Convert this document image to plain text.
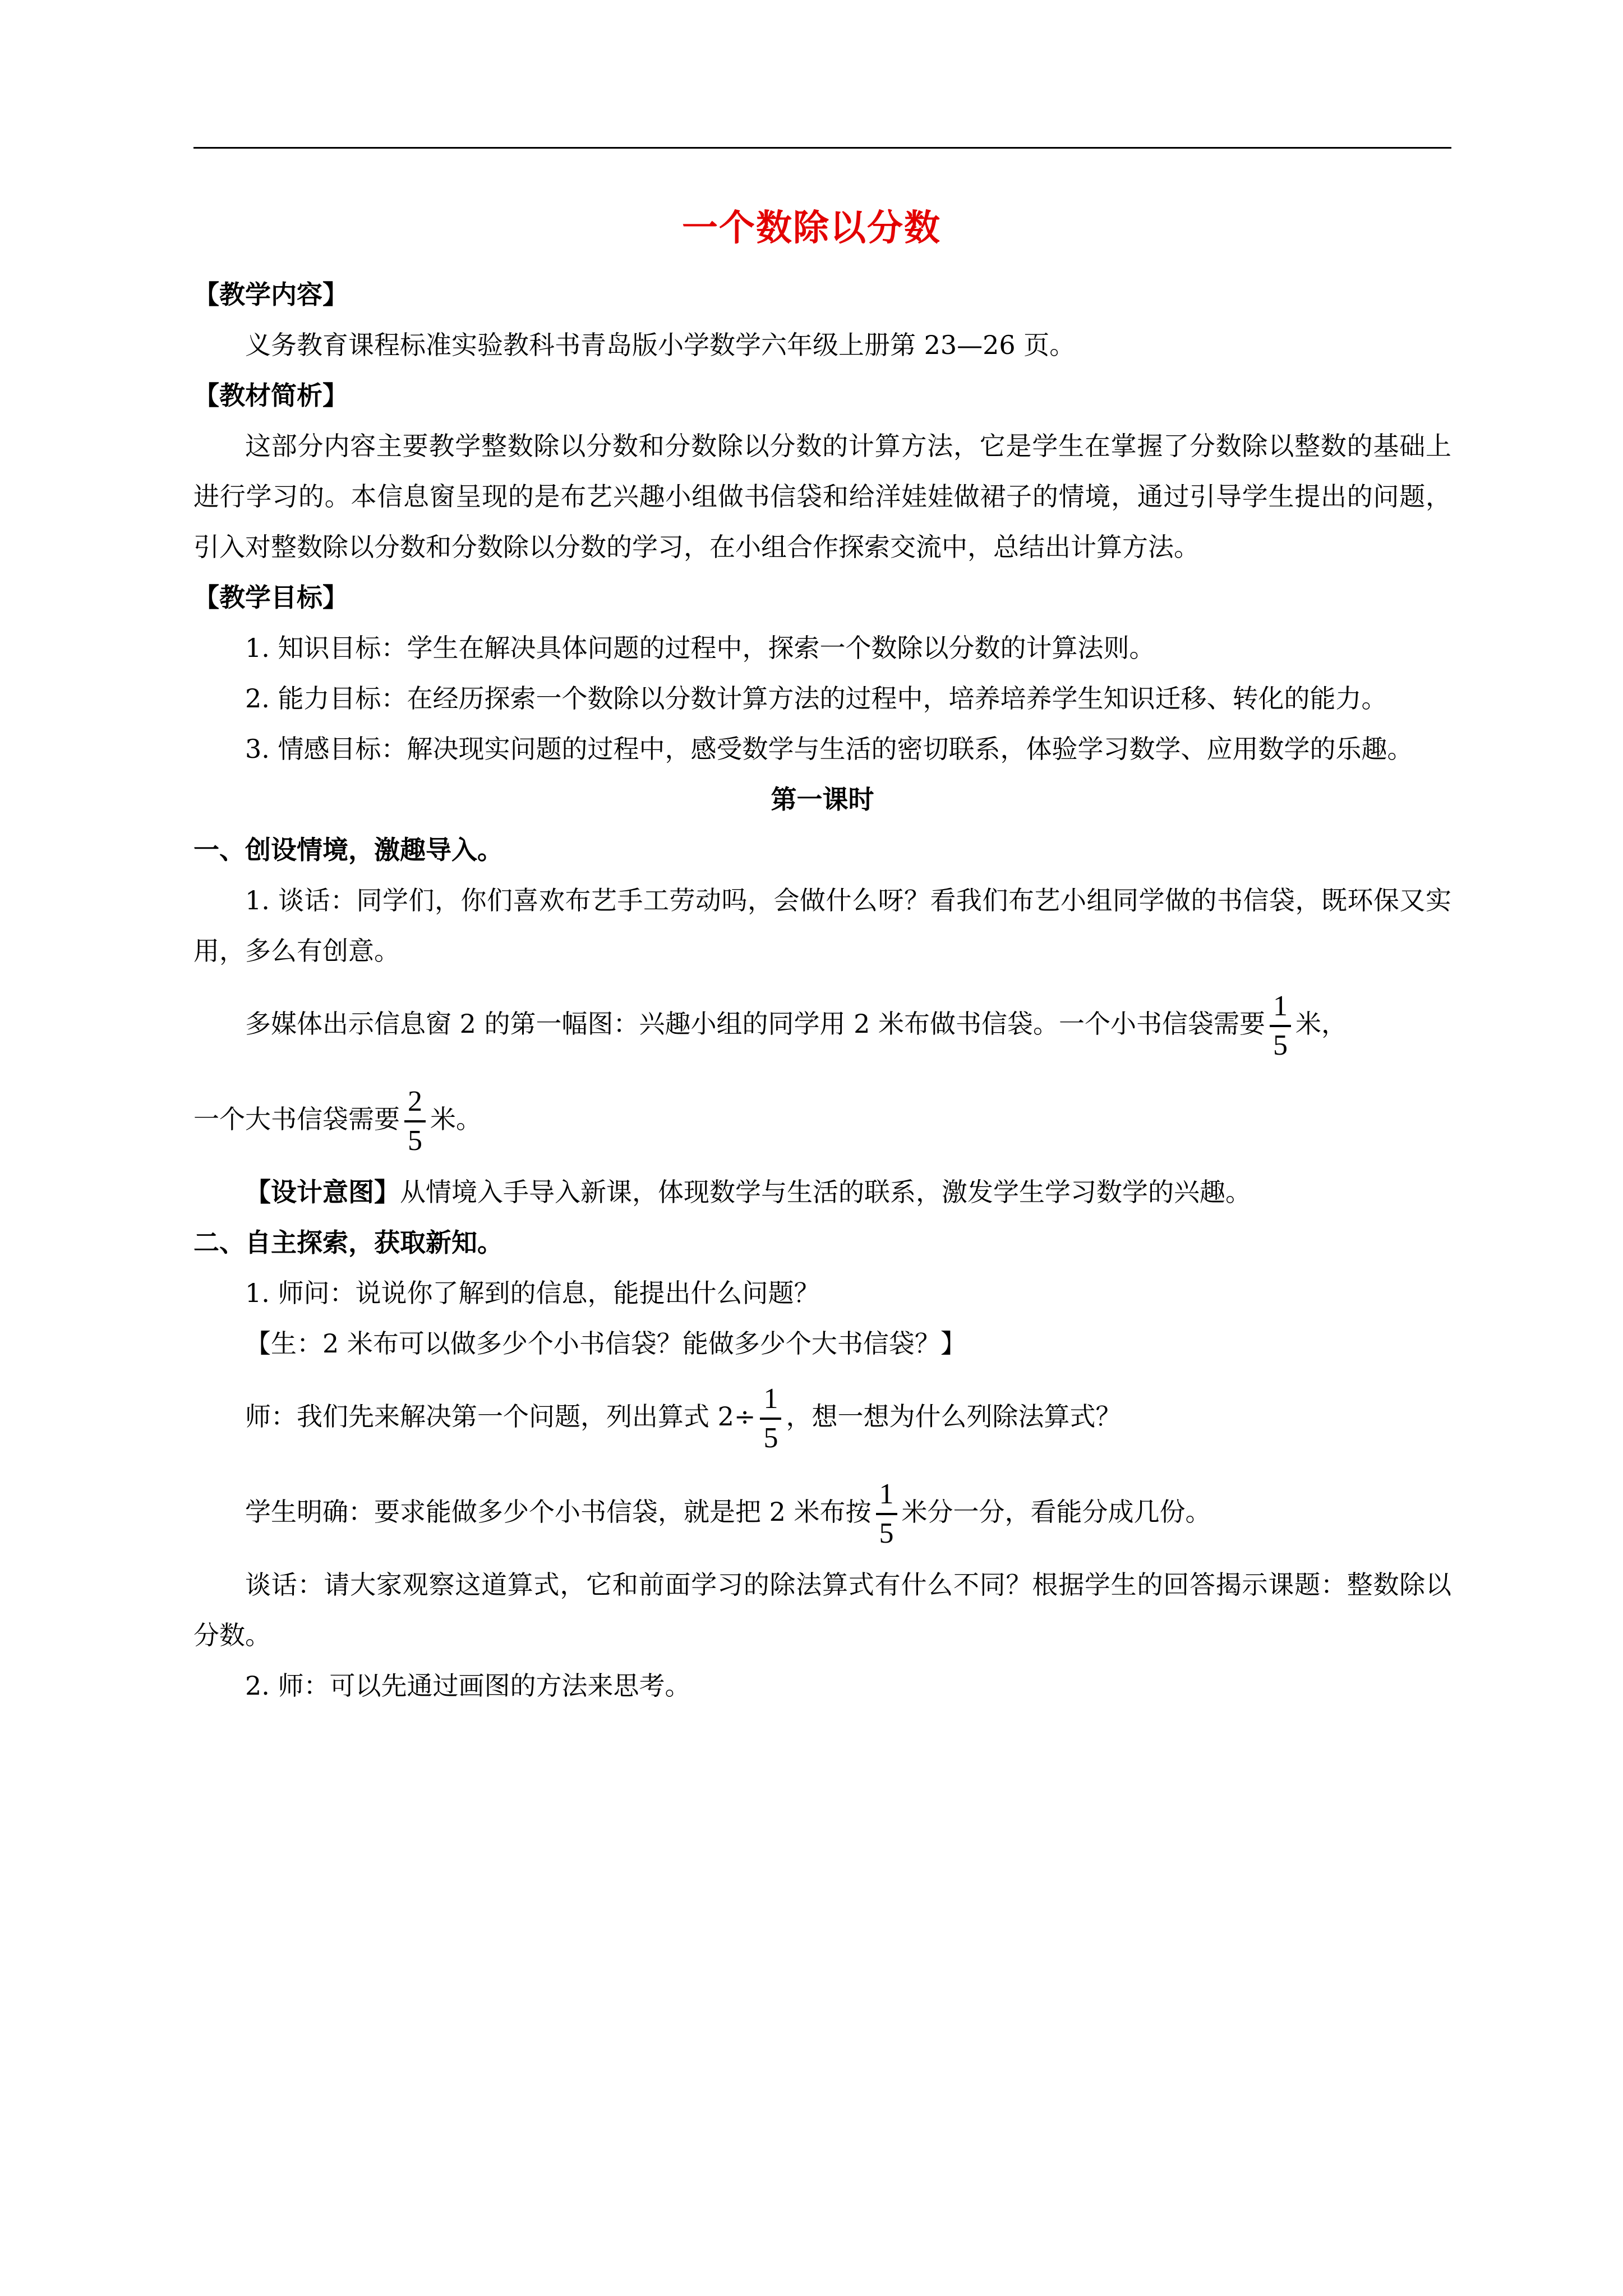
一个数除以分数

【教学内容】

义务教育课程标准实验教科书青岛版小学数学六年级上册第 23—26 页。

【教材简析】

这部分内容主要教学整数除以分数和分数除以分数的计算方法，它是学生在掌握了分数除以整数的基础上进行学习的。本信息窗呈现的是布艺兴趣小组做书信袋和给洋娃娃做裙子的情境，通过引导学生提出的问题，引入对整数除以分数和分数除以分数的学习，在小组合作探索交流中，总结出计算方法。

【教学目标】

1. 知识目标：学生在解决具体问题的过程中，探索一个数除以分数的计算法则。

2. 能力目标：在经历探索一个数除以分数计算方法的过程中，培养培养学生知识迁移、转化的能力。

3. 情感目标：解决现实问题的过程中，感受数学与生活的密切联系，体验学习数学、应用数学的乐趣。

第一课时

一、创设情境，激趣导入。

1. 谈话：同学们，你们喜欢布艺手工劳动吗，会做什么呀？看我们布艺小组同学做的书信袋，既环保又实用，多么有创意。

多媒体出示信息窗 2 的第一幅图：兴趣小组的同学用 2 米布做书信袋。一个小书信袋需要 $\frac{1}{5}$ 米，

一个大书信袋需要 $\frac{2}{5}$ 米。

【设计意图】从情境入手导入新课，体现数学与生活的联系，激发学生学习数学的兴趣。

二、自主探索，获取新知。

1. 师问：说说你了解到的信息，能提出什么问题？

【生：2 米布可以做多少个小书信袋？能做多少个大书信袋？】

师：我们先来解决第一个问题，列出算式 $2\div \frac{1}{5}$ ，想一想为什么列除法算式？

学生明确：要求能做多少个小书信袋，就是把 2 米布按 $\frac{1}{5}$ 米分一分，看能分成几份。

谈话：请大家观察这道算式，它和前面学习的除法算式有什么不同？根据学生的回答揭示课题：整数除以分数。

2. 师：可以先通过画图的方法来思考。
